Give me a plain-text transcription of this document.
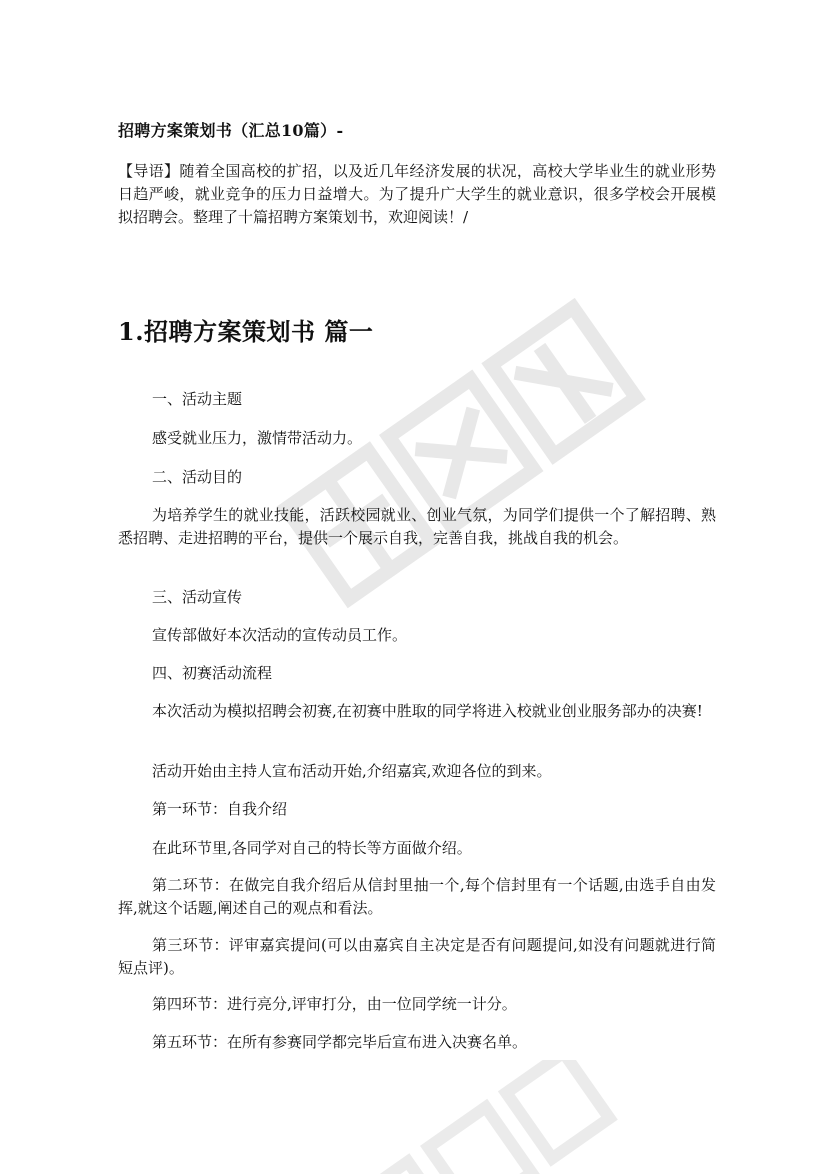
招聘方案策划书（汇总10篇）-
【导语】随着全国高校的扩招，以及近几年经济发展的状况，高校大学毕业生的就业形势日趋严峻，就业竞争的压力日益增大。为了提升广大学生的就业意识，很多学校会开展模拟招聘会。整理了十篇招聘方案策划书，欢迎阅读！/
1.招聘方案策划书 篇一
一、活动主题
感受就业压力，激情带活动力。
二、活动目的
为培养学生的就业技能，活跃校园就业、创业气氛，为同学们提供一个了解招聘、熟悉招聘、走进招聘的平台，提供一个展示自我，完善自我，挑战自我的机会。
三、活动宣传
宣传部做好本次活动的宣传动员工作。
四、初赛活动流程
本次活动为模拟招聘会初赛,在初赛中胜取的同学将进入校就业创业服务部办的决赛!
活动开始由主持人宣布活动开始,介绍嘉宾,欢迎各位的到来。
第一环节：自我介绍
在此环节里,各同学对自己的特长等方面做介绍。
第二环节：在做完自我介绍后从信封里抽一个,每个信封里有一个话题,由选手自由发挥,就这个话题,阐述自己的观点和看法。
第三环节：评审嘉宾提问(可以由嘉宾自主决定是否有问题提问,如没有问题就进行简短点评)。
第四环节：进行亮分,评审打分，由一位同学统一计分。
第五环节：在所有参赛同学都完毕后宣布进入决赛名单。
